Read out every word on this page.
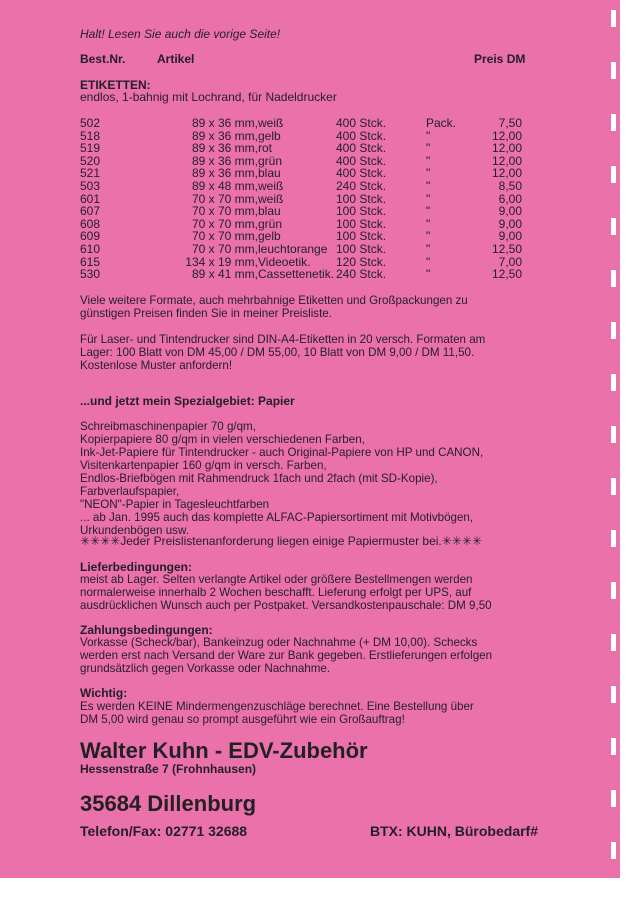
Halt! Lesen Sie auch die vorige Seite!

Best.Nr.	Artikel	Preis DM

ETIKETTEN:

endlos, 1-bahnig mit Lochrand, für Nadeldrucker

502	89 x 36 mm, weiß	400 Stck.	Pack.	7,50
518	89 x 36 mm, gelb	400 Stck.	"	12,00
519	89 x 36 mm, rot	400 Stck.	"	12,00
520	89 x 36 mm, grün	400 Stck.	"	12,00
521	89 x 36 mm, blau	400 Stck.	"	12,00
503	89 x 48 mm, weiß	240 Stck.	"	8,50
601	70 x 70 mm, weiß	100 Stck.	"	6,00
607	70 x 70 mm, blau	100 Stck.	"	9,00
608	70 x 70 mm, grün	100 Stck.	"	9,00
609	70 x 70 mm, gelb	100 Stck.	"	9,00
610	70 x 70 mm, leuchtorange 100 Stck.	"	12,50
615	134 x 19 mm, Videoetik. 120 Stck.	"	7,00
530	89 x 41 mm, Cassettenetik. 240 Stck.	"	12,50

Viele weitere Formate, auch mehrbahnige Etiketten und Großpackungen zu
günstigen Preisen finden Sie in meiner Preisliste.

Für Laser- und Tintendrucker sind DIN-A4-Etiketten in 20 versch. Formaten am
Lager: 100 Blatt von DM 45,00 / DM 55,00, 10 Blatt von DM 9,00 / DM 11,50.
Kostenlose Muster anfordern!

...und jetzt mein Spezialgebiet: Papier

Schreibmaschinenpapier 70 g/qm,
Kopierpapiere 80 g/qm in vielen verschiedenen Farben,
Ink-Jet-Papiere für Tintendrucker - auch Original-Papiere von HP und CANON,
Visitenkartenpapier 160 g/qm in versch. Farben,
Endlos-Briefbögen mit Rahmendruck 1fach und 2fach (mit SD-Kopie),
Farbverlaufspapier,
"NEON"-Papier in Tagesleuchtfarben
... ab Jan. 1995 auch das komplette ALFAC-Papiersortiment mit Motivbögen,
Urkundenbögen usw.

✳✳✳✳Jeder Preislistenanforderung liegen einige Papiermuster bei.✳✳✳✳

Lieferbedingungen:

meist ab Lager. Selten verlangte Artikel oder größere Bestellmengen werden
normalerweise innerhalb 2 Wochen beschafft. Lieferung erfolgt per UPS, auf
ausdrücklichen Wunsch auch per Postpaket. Versandkostenpauschale: DM 9,50

Zahlungsbedingungen:

Vorkasse (Scheck/bar), Bankeinzug oder Nachnahme (+ DM 10,00). Schecks
werden erst nach Versand der Ware zur Bank gegeben. Erstlieferungen erfolgen
grundsätzlich gegen Vorkasse oder Nachnahme.

Wichtig:

Es werden KEINE Mindermengenzuschläge berechnet. Eine Bestellung über
DM 5,00 wird genau so prompt ausgeführt wie ein Großauftrag!

Walter Kuhn - EDV-Zubehör

Hessenstraße 7 (Frohnhausen)

35684 Dillenburg

Telefon/Fax: 02771 32688	BTX: KUHN, Bürobedarf#
